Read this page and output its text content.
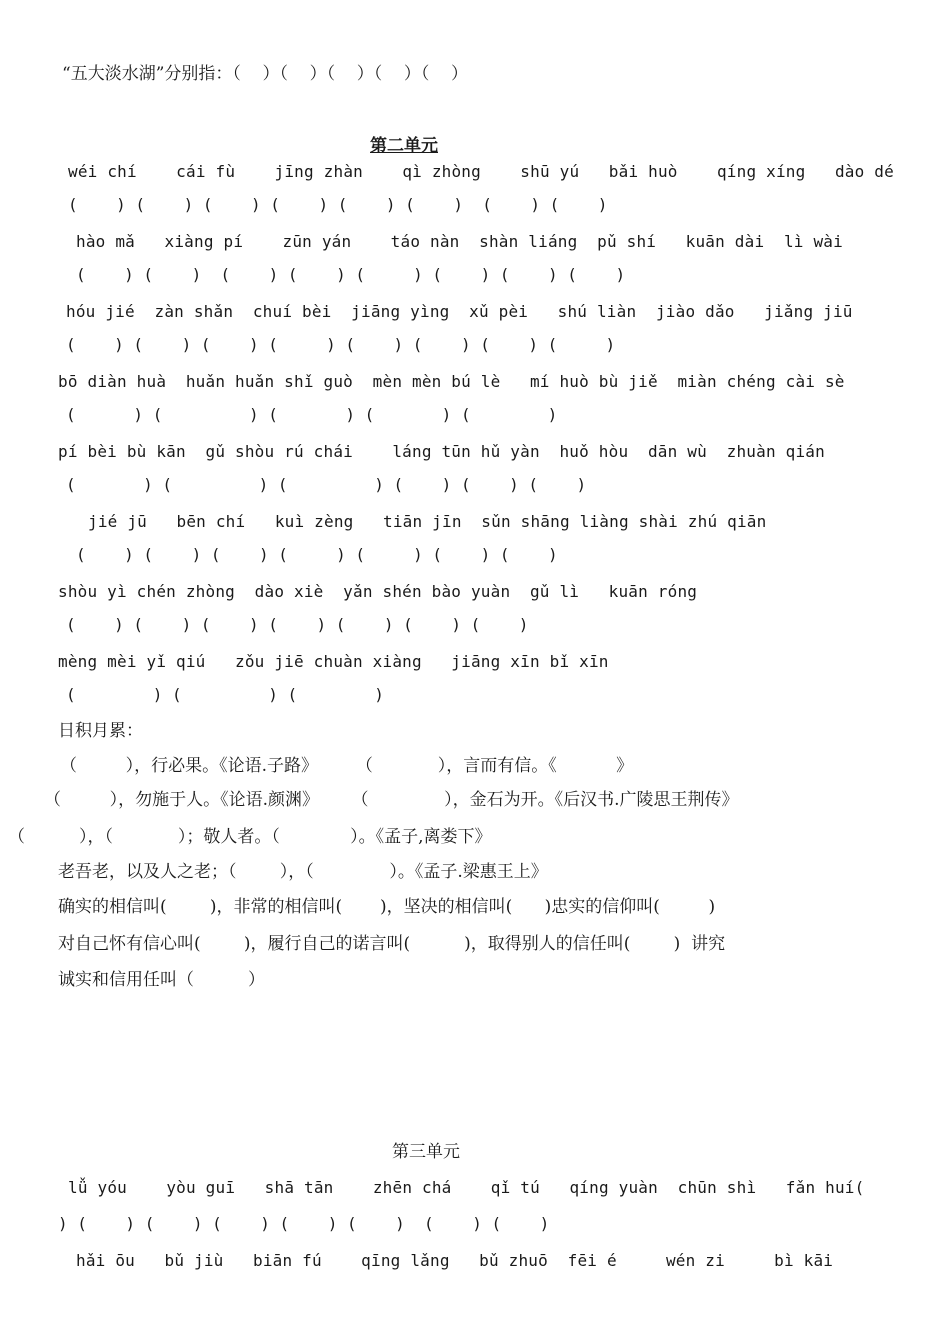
“五大淡水湖”分别指：（    ）（    ）（    ）（    ）（    ）
第二单元
wéi chí    cái fù    jīng zhàn    qì zhòng    shū yú   bǎi huò    qíng xíng   dào dé
(    ) (    ) (    ) (    ) (    ) (    )  (    ) (    )
hào mǎ   xiàng pí    zūn yán    táo nàn  shàn liáng  pǔ shí   kuān dài  lì wài
(    ) (    )  (    ) (    ) (     ) (    ) (    ) (    )
hóu jié  zàn shǎn  chuí bèi  jiāng yìng  xǔ pèi   shú liàn  jiào dǎo   jiǎng jiū
(    ) (    ) (    ) (     ) (    ) (    ) (    ) (     )
bō diàn huà  huǎn huǎn shǐ guò  mèn mèn bú lè   mí huò bù jiě  miàn chéng cài sè
(      ) (         ) (       ) (       ) (        )
pí bèi bù kān  gǔ shòu rú chái    láng tūn hǔ yàn  huǒ hòu  dān wù  zhuàn qián
(       ) (         ) (         ) (    ) (    ) (    )
jié jū   bēn chí   kuì zèng   tiān jīn  sǔn shāng liàng shài zhú qiān
(    ) (    ) (    ) (     ) (     ) (    ) (    )
shòu yì chén zhòng  dào xiè  yǎn shén bào yuàn  gǔ lì   kuān róng
(    ) (    ) (    ) (    ) (    ) (    ) (    )
mèng mèi yǐ qiú   zǒu jiē chuàn xiàng   jiāng xīn bǐ xīn
(        ) (         ) (        )
日积月累：
（         ），行必果。《论语.子路》       （            ），言而有信。《           》
（         ），勿施于人。《论语.颜渊》      （              ），金石为开。《后汉书.广陵思王荆传》
（          ），（            ）；敬人者。（             ）。《孟子,离娄下》
老吾老，以及人之老；（        ），（              ）。《孟子.梁惠王上》
确实的相信叫(        )，非常的相信叫(       )，坚决的相信叫(      )忠实的信仰叫(         )
对自己怀有信心叫(        )，履行自己的诺言叫(          )，取得别人的信任叫(        )  讲究
诚实和信用任叫（          ）
第三单元
lǚ yóu    yòu guī   shā tān    zhēn chá    qǐ tú   qíng yuàn  chūn shì   fǎn huí(
) (    ) (    ) (    ) (    ) (    )  (    ) (    )
hǎi ōu   bǔ jiù   biān fú    qīng lǎng   bǔ zhuō  fēi é     wén zi     bì kāi
